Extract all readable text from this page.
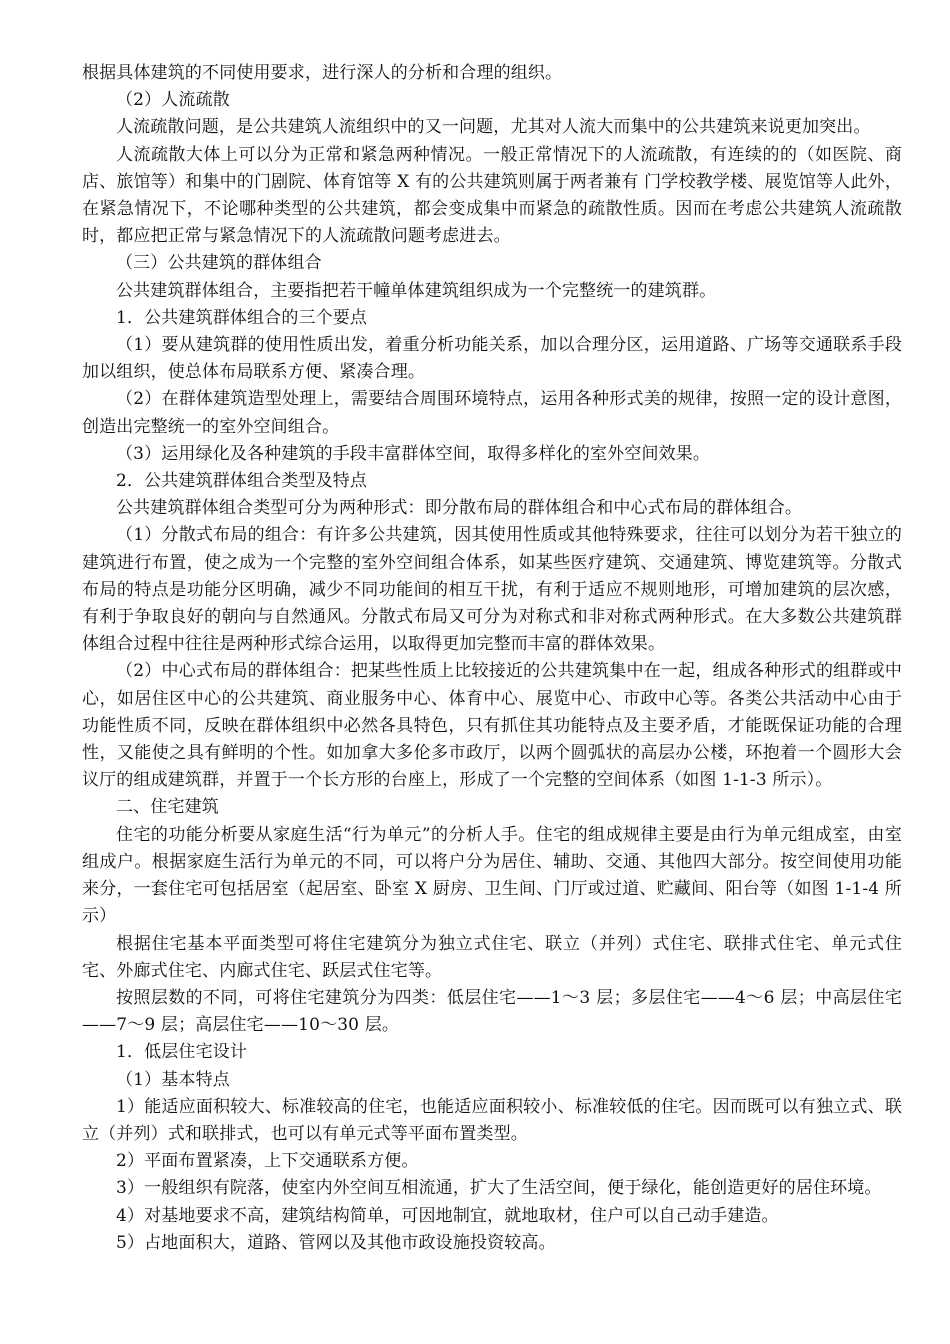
根据具体建筑的不同使用要求，进行深人的分析和合理的组织。

（2）人流疏散

人流疏散问题，是公共建筑人流组织中的又一问题，尤其对人流大而集中的公共建筑来说更加突出。

人流疏散大体上可以分为正常和紧急两种情况。一般正常情况下的人流疏散，有连续的的（如医院、商店、旅馆等）和集中的门剧院、体育馆等 X 有的公共建筑则属于两者兼有 门学校教学楼、展览馆等人此外，在紧急情况下，不论哪种类型的公共建筑，都会变成集中而紧急的疏散性质。因而在考虑公共建筑人流疏散时，都应把正常与紧急情况下的人流疏散问题考虑进去。

（三）公共建筑的群体组合

公共建筑群体组合，主要指把若干幢单体建筑组织成为一个完整统一的建筑群。

1．公共建筑群体组合的三个要点

（1）要从建筑群的使用性质出发，着重分析功能关系，加以合理分区，运用道路、广场等交通联系手段加以组织，使总体布局联系方便、紧凑合理。

（2）在群体建筑造型处理上，需要结合周围环境特点，运用各种形式美的规律，按照一定的设计意图，创造出完整统一的室外空间组合。

（3）运用绿化及各种建筑的手段丰富群体空间，取得多样化的室外空间效果。

2．公共建筑群体组合类型及特点

公共建筑群体组合类型可分为两种形式：即分散布局的群体组合和中心式布局的群体组合。

（1）分散式布局的组合：有许多公共建筑，因其使用性质或其他特殊要求，往往可以划分为若干独立的建筑进行布置，使之成为一个完整的室外空间组合体系，如某些医疗建筑、交通建筑、博览建筑等。分散式布局的特点是功能分区明确，减少不同功能间的相互干扰，有利于适应不规则地形，可增加建筑的层次感，有利于争取良好的朝向与自然通风。分散式布局又可分为对称式和非对称式两种形式。在大多数公共建筑群体组合过程中往往是两种形式综合运用，以取得更加完整而丰富的群体效果。

（2）中心式布局的群体组合：把某些性质上比较接近的公共建筑集中在一起，组成各种形式的组群或中心，如居住区中心的公共建筑、商业服务中心、体育中心、展览中心、市政中心等。各类公共活动中心由于功能性质不同，反映在群体组织中必然各具特色，只有抓住其功能特点及主要矛盾，才能既保证功能的合理性，又能使之具有鲜明的个性。如加拿大多伦多市政厅，以两个圆弧状的高层办公楼，环抱着一个圆形大会议厅的组成建筑群，并置于一个长方形的台座上，形成了一个完整的空间体系（如图 1-1-3 所示）。

二、住宅建筑

住宅的功能分析要从家庭生活“行为单元”的分析人手。住宅的组成规律主要是由行为单元组成室，由室组成户。根据家庭生活行为单元的不同，可以将户分为居住、辅助、交通、其他四大部分。按空间使用功能来分，一套住宅可包括居室（起居室、卧室 X 厨房、卫生间、门厅或过道、贮藏间、阳台等（如图 1-1-4 所示）

根据住宅基本平面类型可将住宅建筑分为独立式住宅、联立（并列）式住宅、联排式住宅、单元式住宅、外廊式住宅、内廊式住宅、跃层式住宅等。

按照层数的不同，可将住宅建筑分为四类：低层住宅——1～3 层；多层住宅——4～6 层；中高层住宅——7～9 层；高层住宅——10～30 层。

1．低层住宅设计

（1）基本特点

1）能适应面积较大、标准较高的住宅，也能适应面积较小、标准较低的住宅。因而既可以有独立式、联立（并列）式和联排式，也可以有单元式等平面布置类型。

2）平面布置紧凑，上下交通联系方便。

3）一般组织有院落，使室内外空间互相流通，扩大了生活空间，便于绿化，能创造更好的居住环境。

4）对基地要求不高，建筑结构简单，可因地制宜，就地取材，住户可以自己动手建造。

5）占地面积大，道路、管网以及其他市政设施投资较高。
